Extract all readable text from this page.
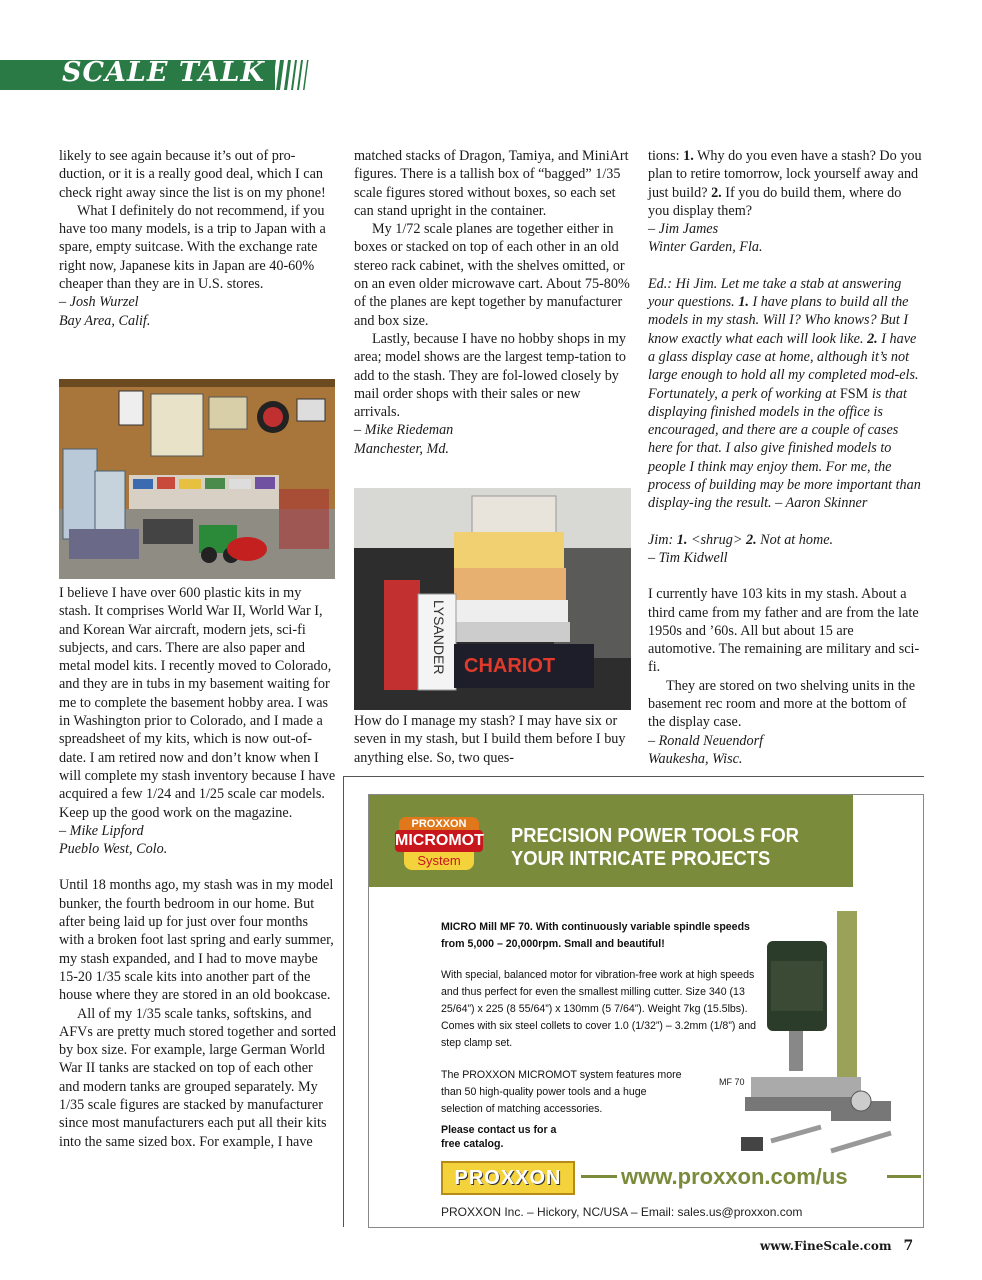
SCALE TALK

likely to see again because it’s out of pro-duction, or it is a really good deal, which I can check right away since the list is on my phone!

What I definitely do not recommend, if you have too many models, is a trip to Japan with a spare, empty suitcase. With the exchange rate right now, Japanese kits in Japan are 40-60% cheaper than they are in U.S. stores.

– Josh Wurzel

Bay Area, Calif.

I believe I have over 600 plastic kits in my stash. It comprises World War II, World War I, and Korean War aircraft, modern jets, sci-fi subjects, and cars. There are also paper and metal model kits. I recently moved to Colorado, and they are in tubs in my basement waiting for me to complete the basement hobby area. I was in Washington prior to Colorado, and I made a spreadsheet of my kits, which is now out-of-date. I am retired now and don’t know when I will complete my stash inventory because I have acquired a few 1/24 and 1/25 scale car models. Keep up the good work on the magazine.

– Mike Lipford

Pueblo West, Colo.

Until 18 months ago, my stash was in my model bunker, the fourth bedroom in our home. But after being laid up for just over four months with a broken foot last spring and early summer, my stash expanded, and I had to move maybe 15-20 1/35 scale kits into another part of the house where they are stored in an old bookcase.

All of my 1/35 scale tanks, softskins, and AFVs are pretty much stored together and sorted by box size. For example, large German World War II tanks are stacked on top of each other and modern tanks are grouped separately. My 1/35 scale figures are stacked by manufacturer since most manufacturers each put all their kits into the same sized box. For example, I have

matched stacks of Dragon, Tamiya, and MiniArt figures. There is a tallish box of “bagged” 1/35 scale figures stored without boxes, so each set can stand upright in the container.

My 1/72 scale planes are together either in boxes or stacked on top of each other in an old stereo rack cabinet, with the shelves omitted, or on an even older microwave cart. About 75-80% of the planes are kept together by manufacturer and box size.

Lastly, because I have no hobby shops in my area; model shows are the largest temp-tation to add to the stash. They are fol-lowed closely by mail order shops with their sales or new arrivals.

– Mike Riedeman

Manchester, Md.

CHARIOT
LYSANDER

How do I manage my stash? I may have six or seven in my stash, but I build them before I buy anything else. So, two ques-

tions: 1. Why do you even have a stash? Do you plan to retire tomorrow, lock yourself away and just build? 2. If you do build them, where do you display them?

– Jim James

Winter Garden, Fla.

Ed.: Hi Jim. Let me take a stab at answering your questions. 1. I have plans to build all the models in my stash. Will I? Who knows? But I know exactly what each will look like. 2. I have a glass display case at home, although it’s not large enough to hold all my completed mod-els. Fortunately, a perk of working at FSM is that displaying finished models in the office is encouraged, and there are a couple of cases here for that. I also give finished models to people I think may enjoy them. For me, the process of building may be more important than display-ing the result. – Aaron Skinner

Jim: 1. <shrug> 2. Not at home.

– Tim Kidwell

I currently have 103 kits in my stash. About a third came from my father and are from the late 1950s and ’60s. All but about 15 are automotive. The remaining are military and sci-fi.

They are stored on two shelving units in the basement rec room and more at the bottom of the display case.

– Ronald Neuendorf

Waukesha, Wisc.

PROXXON
MICROMOT
System
PRECISION POWER TOOLS FOR
YOUR INTRICATE PROJECTS

MICRO Mill MF 70. With continuously variable spindle speeds from 5,000 – 20,000rpm. Small and beautiful!

With special, balanced motor for vibration-free work at high speeds and thus perfect for even the smallest milling cutter. Size 340 (13 25/64”) x 225 (8 55/64”) x 130mm (5 7/64”). Weight 7kg (15.5lbs). Comes with six steel collets to cover 1.0 (1/32”) – 3.2mm (1/8”) and step clamp set.

The PROXXON MICROMOT system features more than 50 high-quality power tools and a huge selection of matching accessories.

Please contact us for a free catalog.

MF 70
PROXXON	www.proxxon.com/us
PROXXON Inc. – Hickory, NC/USA – Email: sales.us@proxxon.com
www.FineScale.com 7
